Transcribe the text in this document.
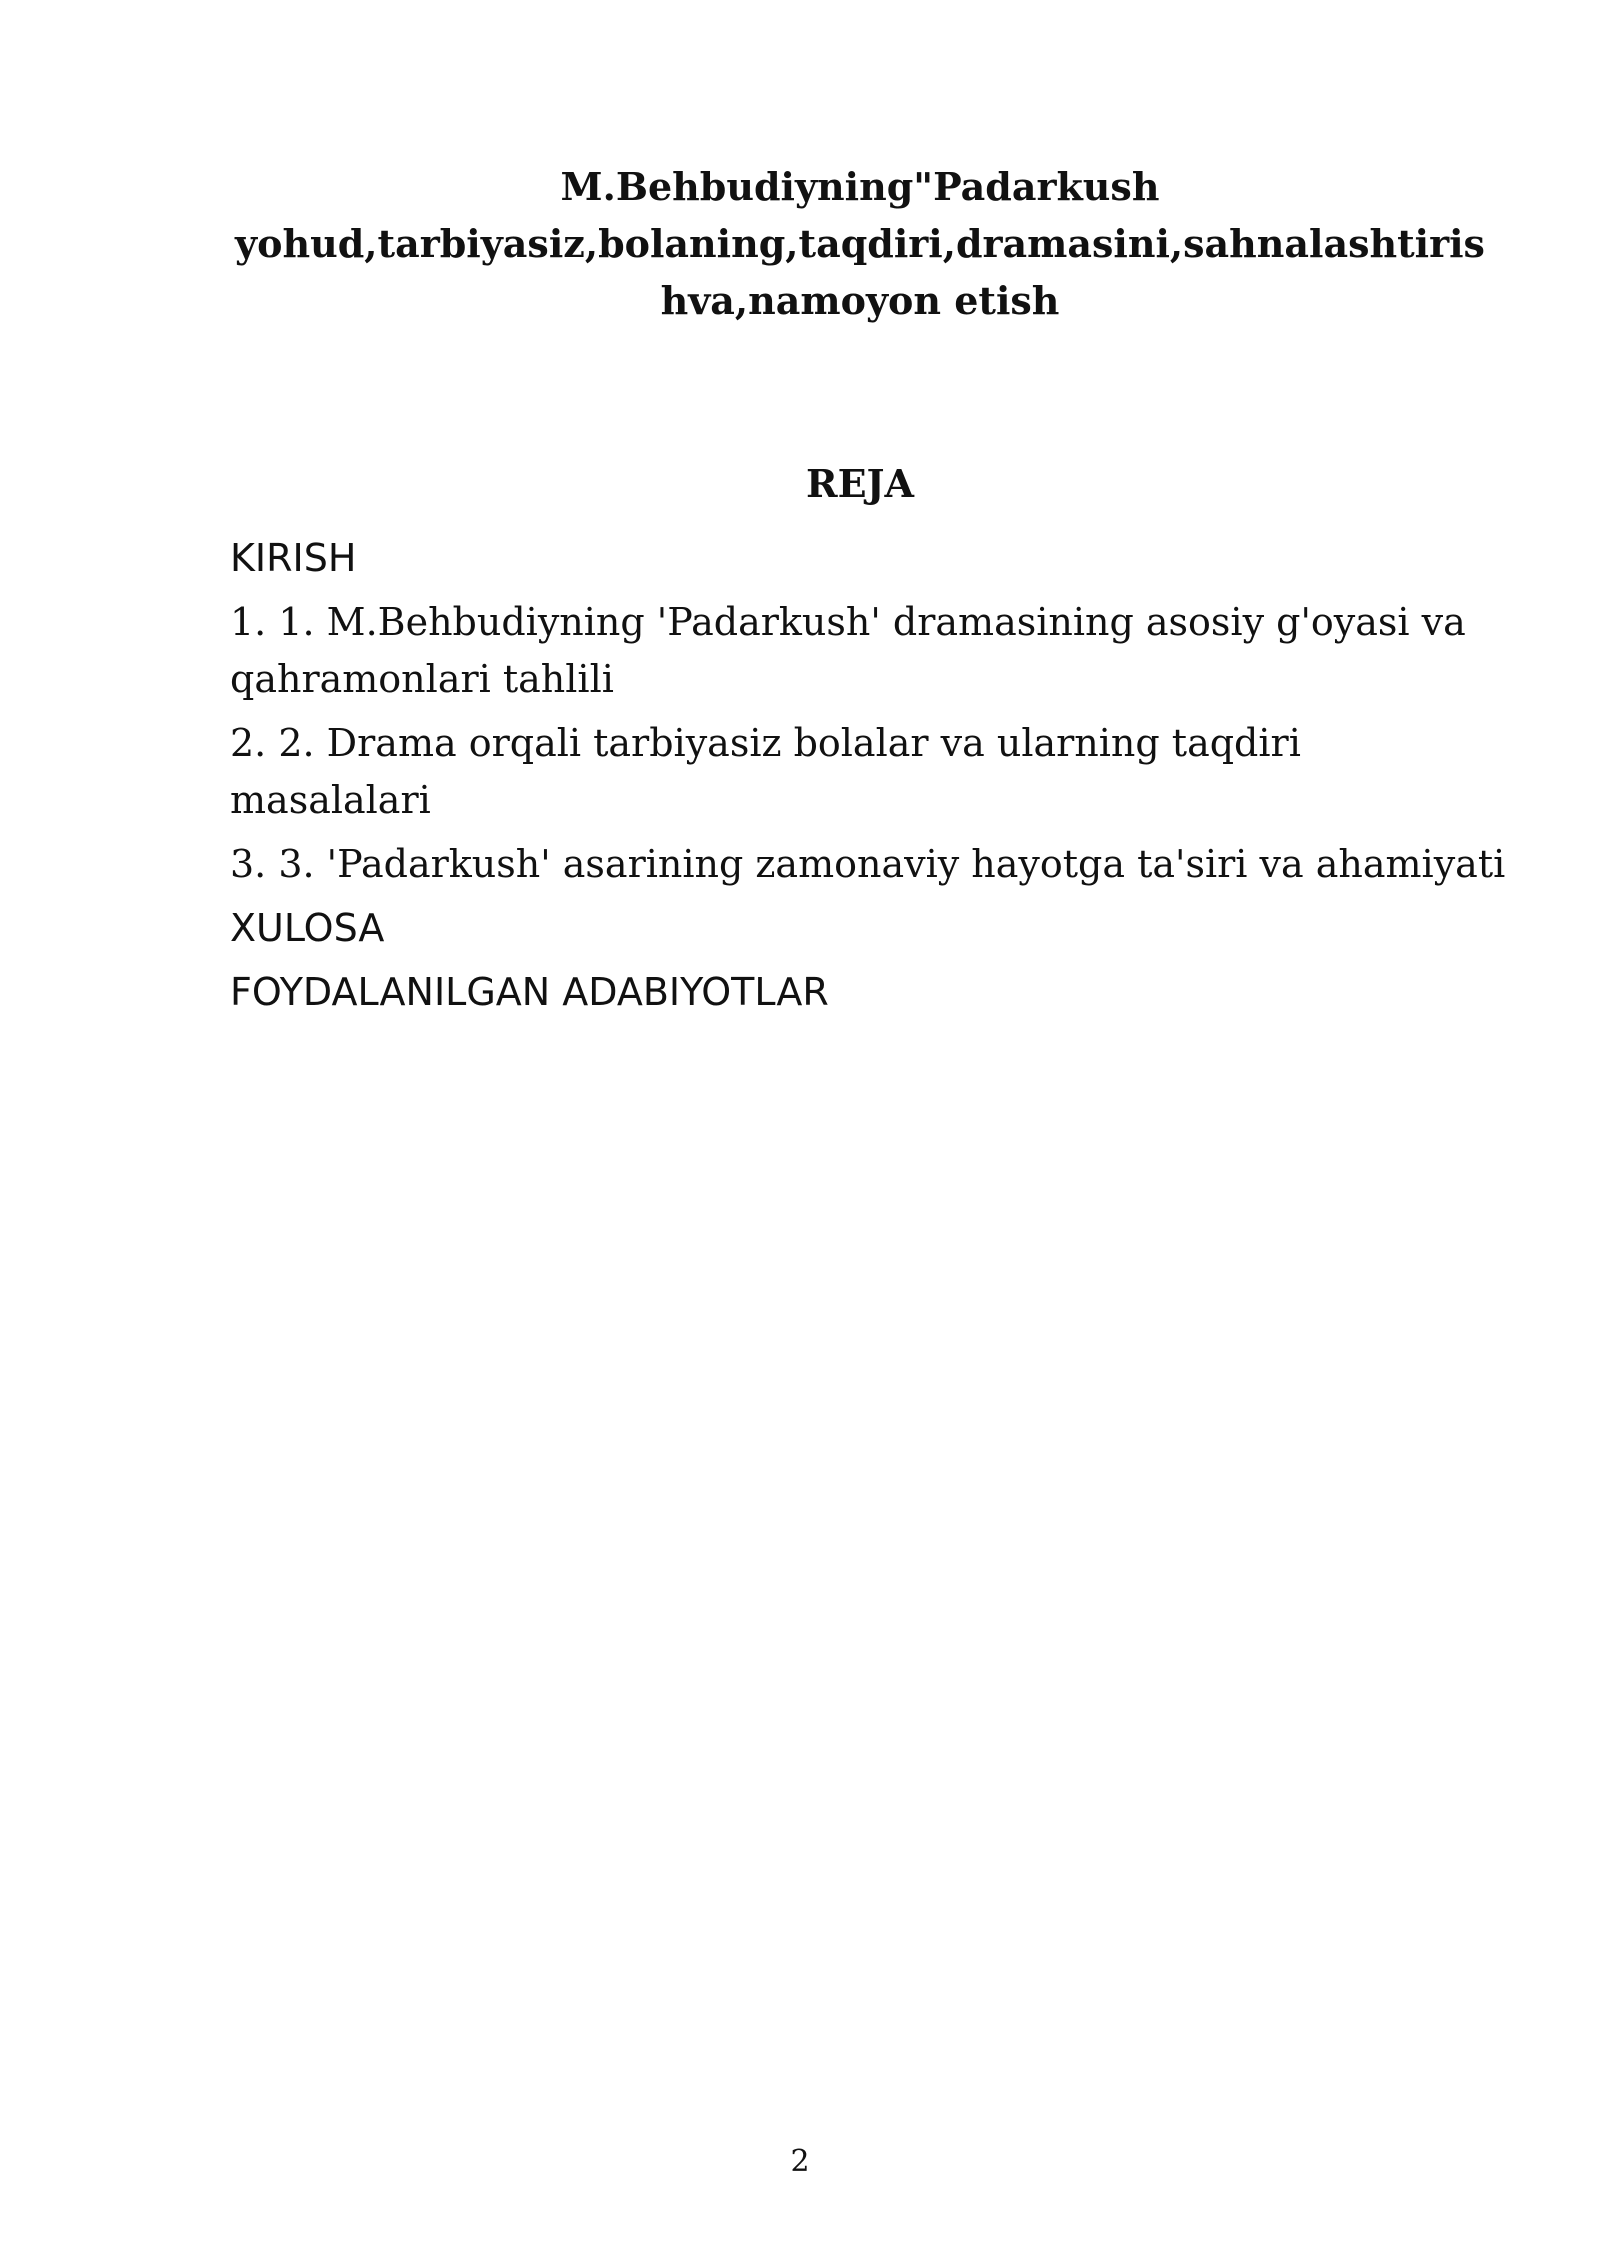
M.Behbudiyning"Padarkush
yohud,tarbiyasiz,bolaning,taqdiri,dramasini,sahnalashtiris
hva,namoyon etish
REJA
KIRISH
1. 1. M.Behbudiyning 'Padarkush' dramasining asosiy g'oyasi va qahramonlari tahlili
2. 2. Drama orqali tarbiyasiz bolalar va ularning taqdiri masalalari
3. 3. 'Padarkush' asarining zamonaviy hayotga ta'siri va ahamiyati
XULOSA
FOYDALANILGAN ADABIYOTLAR
2
